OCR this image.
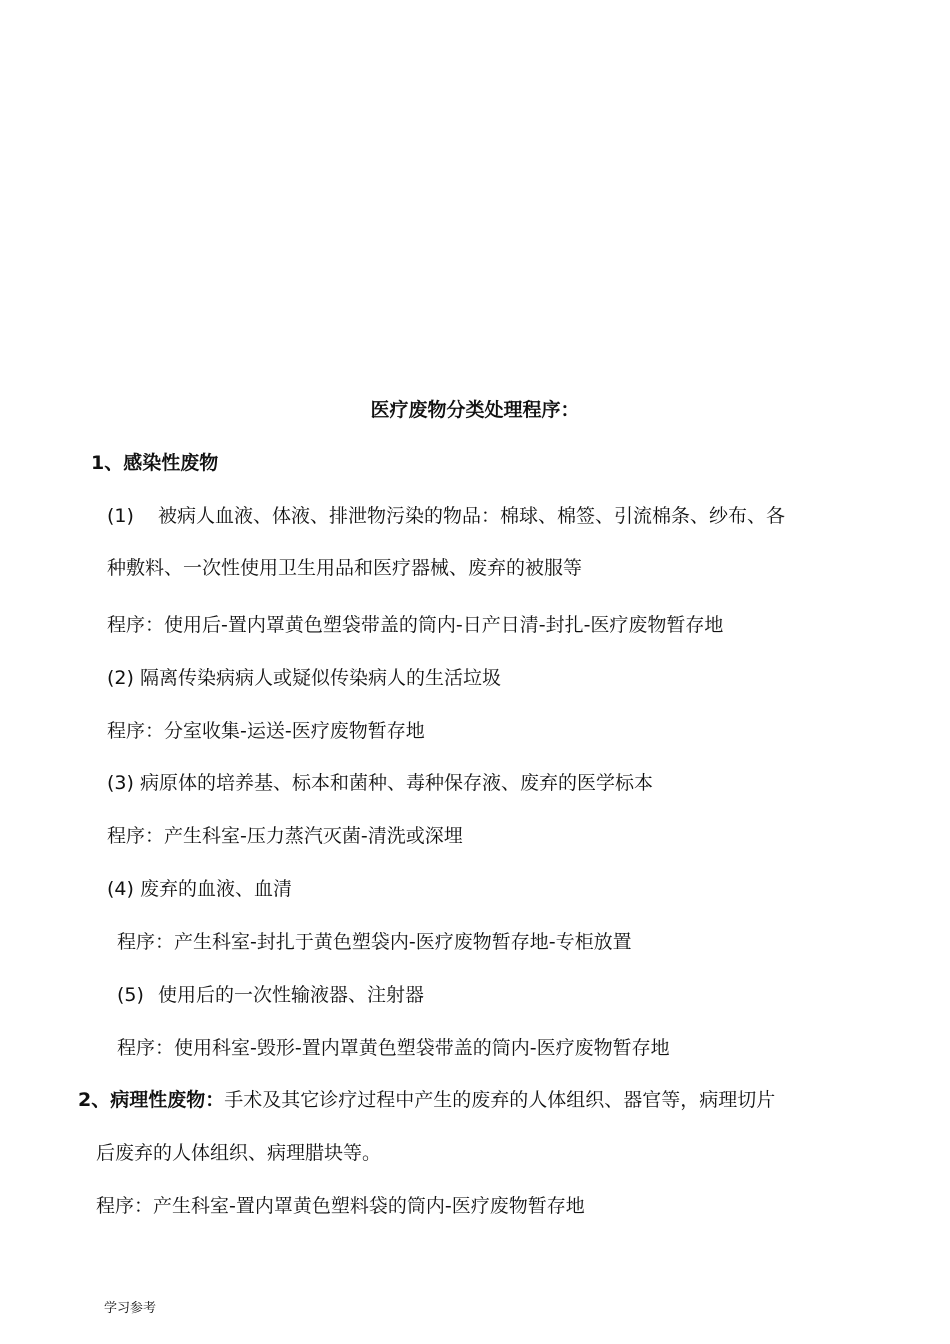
医疗废物分类处理程序：
1、感染性废物
(1) 被病人血液、体液、排泄物污染的物品：棉球、棉签、引流棉条、纱布、各
种敷料、一次性使用卫生用品和医疗器械、废弃的被服等
程序：使用后-置内罩黄色塑袋带盖的筒内-日产日清-封扎-医疗废物暂存地
(2) 隔离传染病病人或疑似传染病人的生活垃圾
程序：分室收集-运送-医疗废物暂存地
(3) 病原体的培养基、标本和菌种、毒种保存液、废弃的医学标本
程序：产生科室-压力蒸汽灭菌-清洗或深埋
(4) 废弃的血液、血清
程序：产生科室-封扎于黄色塑袋内-医疗废物暂存地-专柜放置
(5) 使用后的一次性输液器、注射器
程序：使用科室-毁形-置内罩黄色塑袋带盖的筒内-医疗废物暂存地
2、病理性废物：手术及其它诊疗过程中产生的废弃的人体组织、器官等，病理切片
后废弃的人体组织、病理腊块等。
程序：产生科室-置内罩黄色塑料袋的筒内-医疗废物暂存地
学习参考
